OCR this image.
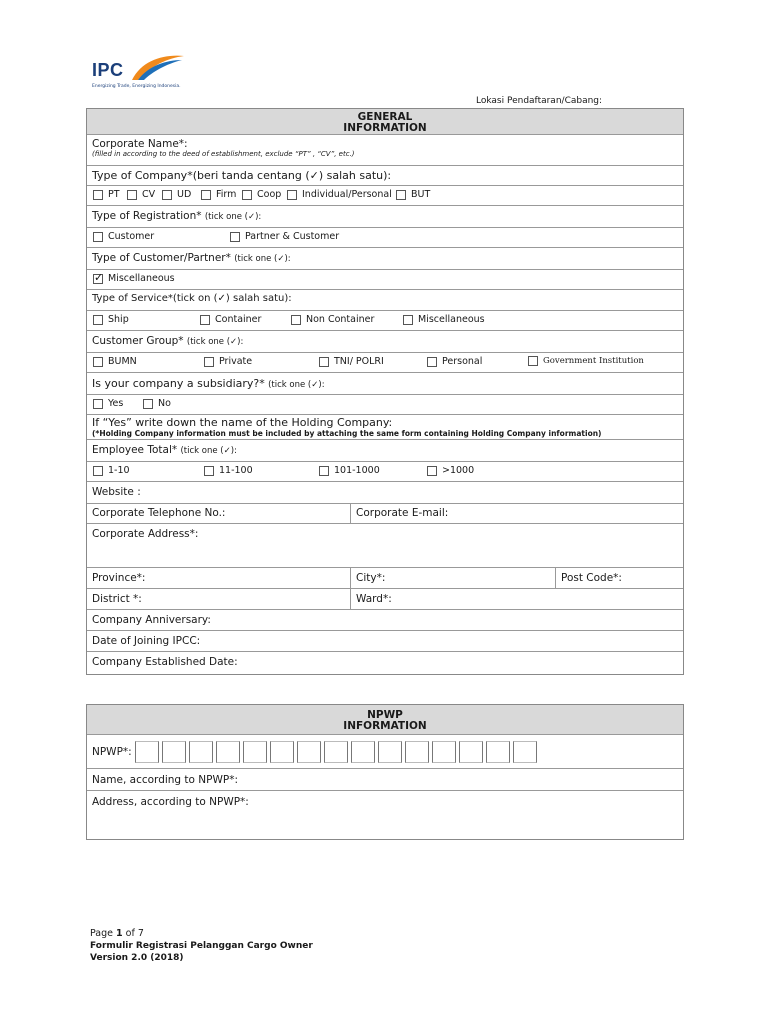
IPC
Energizing Trade, Energizing Indonesia.
Lokasi Pendaftaran/Cabang:
GENERAL
INFORMATION
Corporate Name*:
(filled in according to the deed of establishment, exclude “PT” , “CV”, etc.)
Type of Company*(beri tanda centang (✓) salah satu):
PT CV UD	Firm Coop Individual/Personal BUT
Type of Registration* (tick one (✓):
Customer	Partner & Customer
Type of Customer/Partner* (tick one (✓):
✓
Miscellaneous
Type of Service*(tick on (✓) salah satu):
Ship	Container	Non Container	Miscellaneous
Customer Group* (tick one (✓):
BUMN	Private	TNI/ POLRI	Personal	Government Institution
Is your company a subsidiary?* (tick one (✓):
Yes	No
If “Yes” write down the name of the Holding Company:
(*Holding Company information must be included by attaching the same form containing Holding Company information)
Employee Total* (tick one (✓):
1-10	11-100	101-1000	>1000
Website :
Corporate Telephone No.:	Corporate E-mail:
Corporate Address*:
Province*:	City*:	Post Code*:
District *:	Ward*:
Company Anniversary:
Date of Joining IPCC:
Company Established Date:
NPWP
INFORMATION
NPWP*:
Name, according to NPWP*:
Address, according to NPWP*:
Page 1 of 7
Formulir Registrasi Pelanggan Cargo Owner
Version 2.0 (2018)
